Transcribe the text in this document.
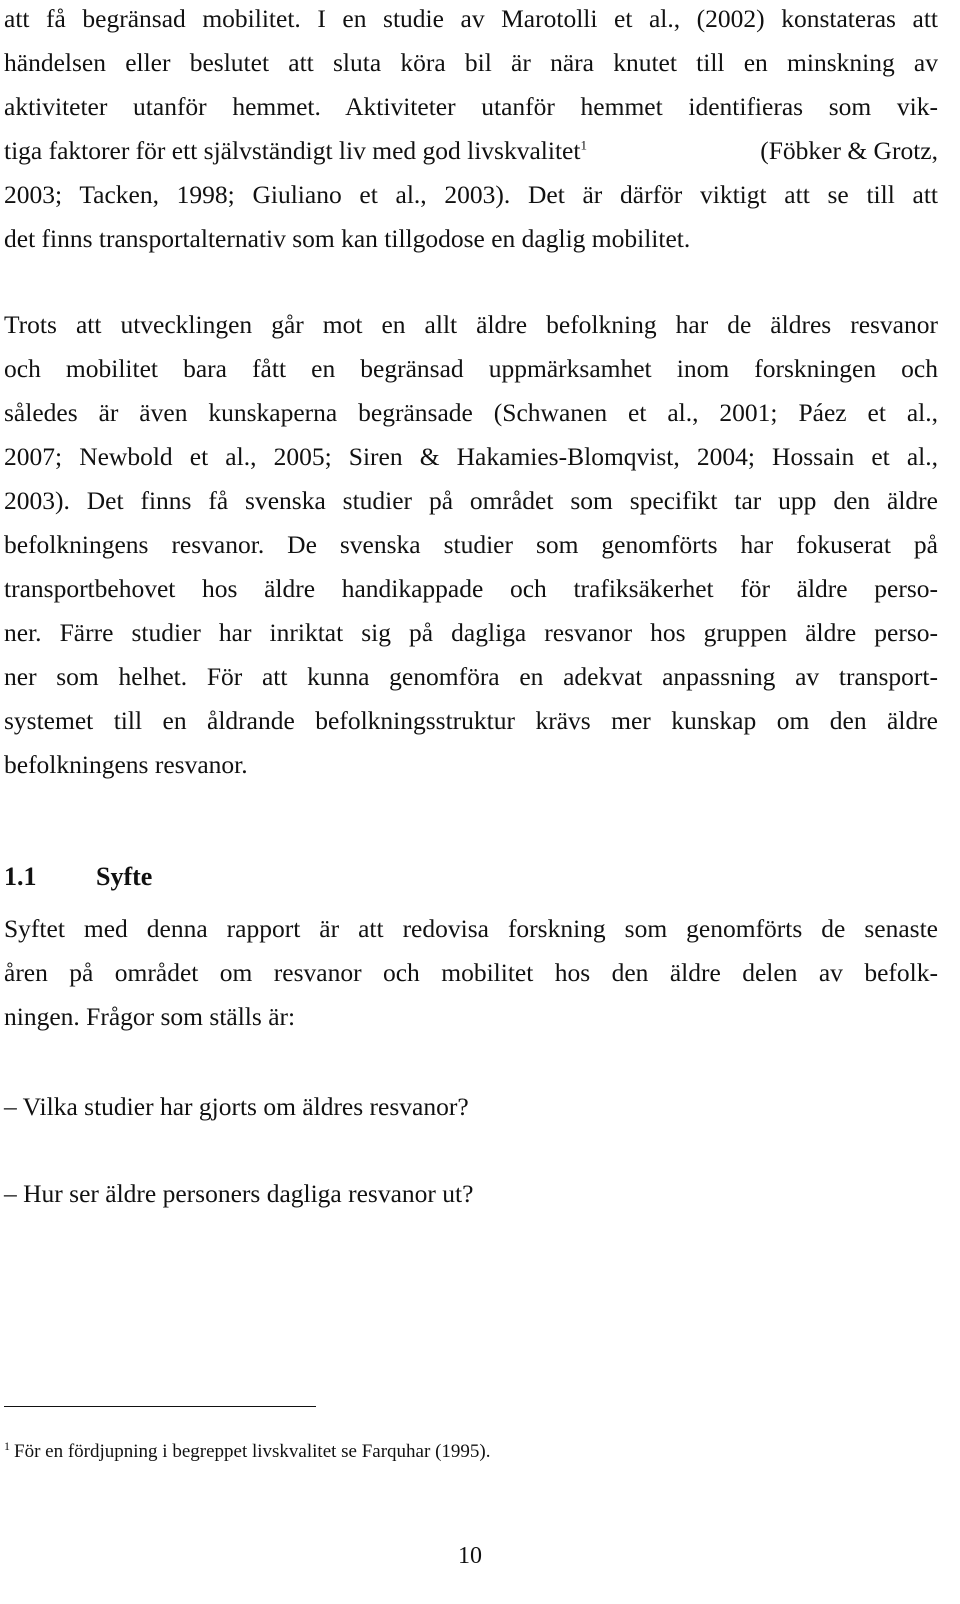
att få begränsad mobilitet. I en studie av Marotolli et al., (2002) konstateras att
händelsen eller beslutet att sluta köra bil är nära knutet till en minskning av
aktiviteter utanför hemmet. Aktiviteter utanför hemmet identifieras som vik-
tiga faktorer för ett självständigt liv med god livskvalitet$^1$	(Föbker & Grotz,
2003; Tacken, 1998; Giuliano et al., 2003). Det är därför viktigt att se till att
det finns transportalternativ som kan tillgodose en daglig mobilitet.
Trots att utvecklingen går mot en allt äldre befolkning har de äldres resvanor
och mobilitet bara fått en begränsad uppmärksamhet inom forskningen och
således är även kunskaperna begränsade (Schwanen et al., 2001; Páez et al.,
2007; Newbold et al., 2005; Siren & Hakamies-Blomqvist, 2004; Hossain et al.,
2003). Det finns få svenska studier på området som specifikt tar upp den äldre
befolkningens resvanor. De svenska studier som genomförts har fokuserat på
transportbehovet hos äldre handikappade och trafiksäkerhet för äldre perso-
ner. Färre studier har inriktat sig på dagliga resvanor hos gruppen äldre perso-
ner som helhet. För att kunna genomföra en adekvat anpassning av transport-
systemet till en åldrande befolkningsstruktur krävs mer kunskap om den äldre
befolkningens resvanor.
1.1 Syfte
Syftet med denna rapport är att redovisa forskning som genomförts de senaste
åren på området om resvanor och mobilitet hos den äldre delen av befolk-
ningen. Frågor som ställs är:
– Vilka studier har gjorts om äldres resvanor?
– Hur ser äldre personers dagliga resvanor ut?
$^1$ För en fördjupning i begreppet livskvalitet se Farquhar (1995).
10
